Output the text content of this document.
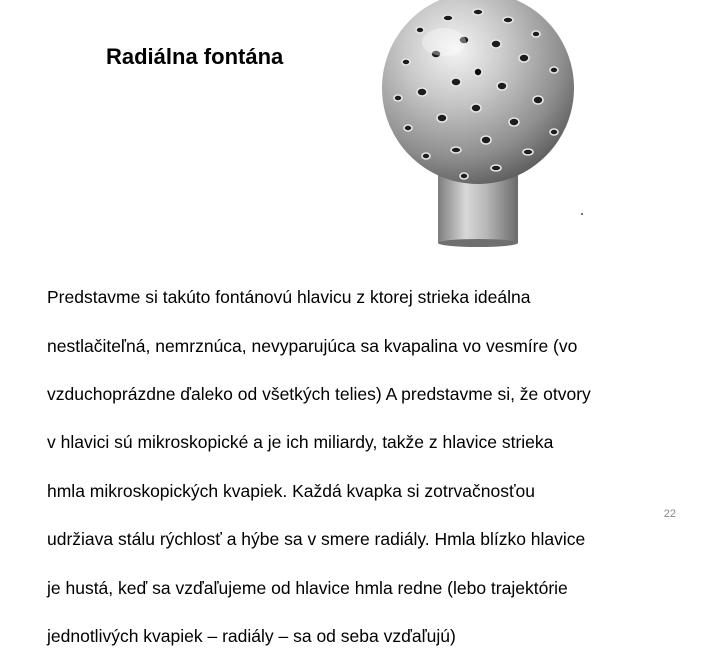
Radiálna fontána

Predstavme si takúto fontánovú hlavicu z ktorej strieka ideálna

nestlačiteľná, nemrznúca, nevyparujúca sa kvapalina vo vesmíre (vo

vzduchoprázdne ďaleko od všetkých telies) A predstavme si, že otvory

v hlavici sú mikroskopické a je ich miliardy, takže z hlavice strieka

hmla mikroskopických kvapiek. Každá kvapka si zotrvačnosťou

udržiava stálu rýchlosť a hýbe sa v smere radiály. Hmla blízko hlavice

je hustá, keď sa vzďaľujeme od hlavice hmla redne (lebo trajektórie

jednotlivých kvapiek – radiály – sa od seba vzďaľujú)

22
